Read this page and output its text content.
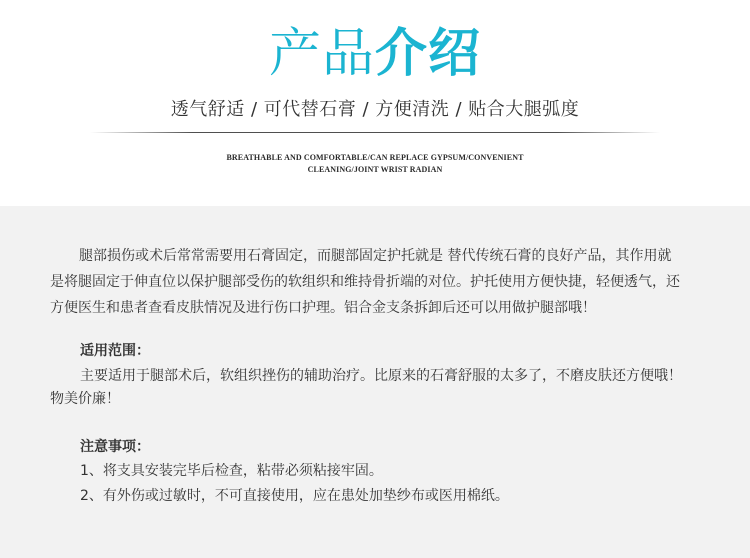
产品介绍
透气舒适 / 可代替石膏 / 方便清洗 / 贴合大腿弧度
BREATHABLE AND COMFORTABLE/CAN REPLACE GYPSUM/CONVENIENT
CLEANING/JOINT WRIST RADIAN
腿部损伤或术后常常需要用石膏固定，而腿部固定护托就是 替代传统石膏的良好产品，其作用就
是将腿固定于伸直位以保护腿部受伤的软组织和维持骨折端的对位。护托使用方便快捷，轻便透气，还
方便医生和患者查看皮肤情况及进行伤口护理。铝合金支条拆卸后还可以用做护腿部哦！
适用范围：
主要适用于腿部术后，软组织挫伤的辅助治疗。比原来的石膏舒服的太多了，不磨皮肤还方便哦！
物美价廉！
注意事项：
1、将支具安装完毕后检查，粘带必须粘接牢固。
2、有外伤或过敏时，不可直接使用，应在患处加垫纱布或医用棉纸。
